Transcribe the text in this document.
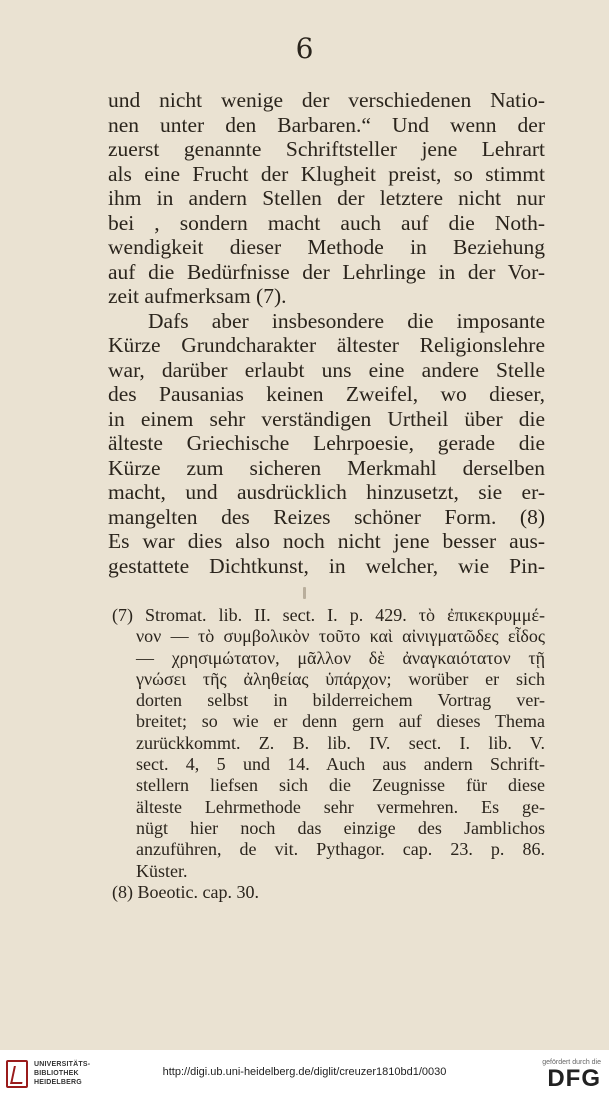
6
und nicht wenige der verschiedenen Natio-
nen unter den Barbaren.“ Und wenn der
zuerst genannte Schriftsteller jene Lehrart
als eine Frucht der Klugheit preist, so stimmt
ihm in andern Stellen der letztere nicht nur
bei , sondern macht auch auf die Noth-
wendigkeit dieser Methode in Beziehung
auf die Bedürfnisse der Lehrlinge in der Vor-
zeit aufmerksam (7).
Dafs aber insbesondere die imposante
Kürze Grundcharakter ältester Religionslehre
war, darüber erlaubt uns eine andere Stelle
des Pausanias keinen Zweifel, wo dieser,
in einem sehr verständigen Urtheil über die
älteste Griechische Lehrpoesie, gerade die
Kürze zum sicheren Merkmahl derselben
macht, und ausdrücklich hinzusetzt, sie er-
mangelten des Reizes schöner Form. (8)
Es war dies also noch nicht jene besser aus-
gestattete Dichtkunst, in welcher, wie Pin-
(7) Stromat. lib. II. sect. I. p. 429. τὸ ἐπικεκρυμμέ-
νον — τὸ συμβολικὸν τοῦτο καὶ αἰνιγματῶδες εἶδος
— χρησιμώτατον, μᾶλλον δὲ ἀναγκαιότατον τῇ
γνώσει τῆς ἀληθείας ὑπάρχον; worüber er sich
dorten selbst in bilderreichem Vortrag ver-
breitet; so wie er denn gern auf dieses Thema
zurückkommt. Z. B. lib. IV. sect. I. lib. V.
sect. 4, 5 und 14. Auch aus andern Schrift-
stellern liefsen sich die Zeugnisse für diese
älteste Lehrmethode sehr vermehren. Es ge-
nügt hier noch das einzige des Jamblichos
anzuführen, de vit. Pythagor. cap. 23. p. 86.
Küster.
(8) Boeotic. cap. 30.
UNIVERSITÄTS-
BIBLIOTHEK
HEIDELBERG
http://digi.ub.uni-heidelberg.de/diglit/creuzer1810bd1/0030
gefördert durch die
DFG
